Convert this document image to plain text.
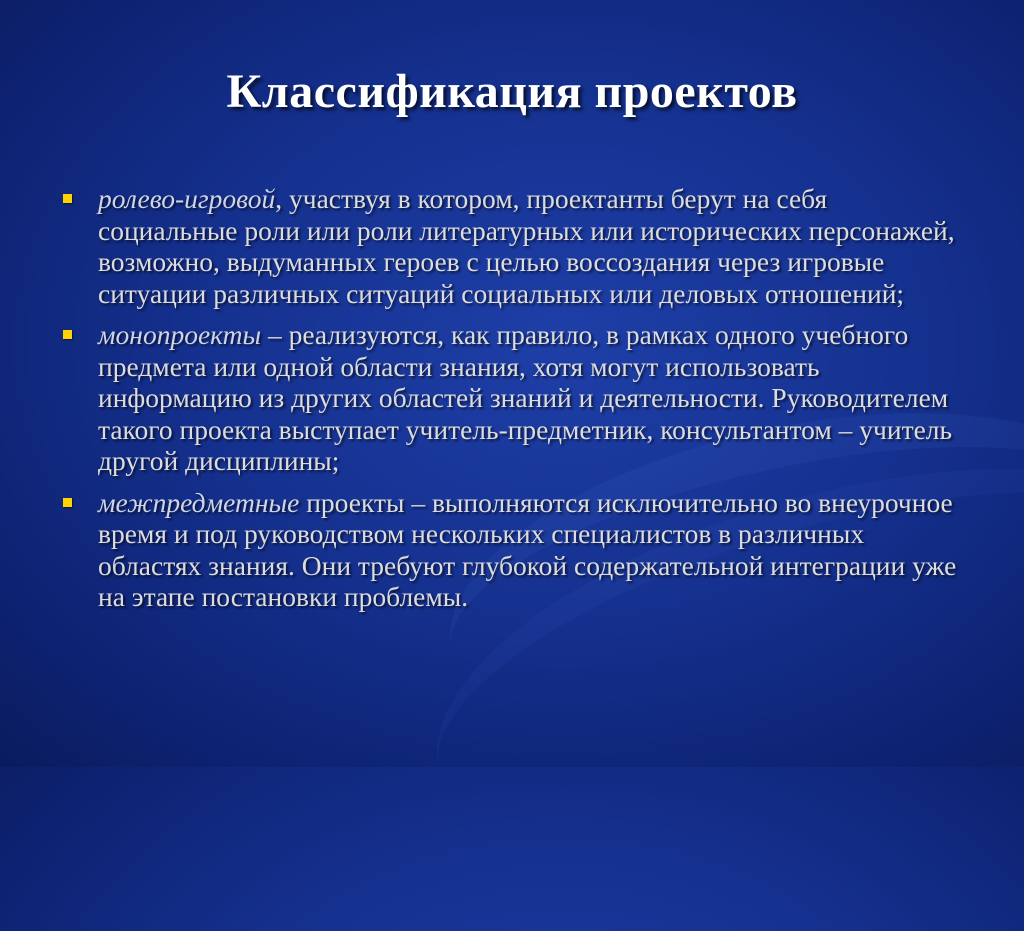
Классификация проектов
ролево-игровой, участвуя в котором, проектанты берут на себя социальные роли или роли литературных или исторических персонажей, возможно, выдуманных героев с целью воссоздания через игровые ситуации различных ситуаций социальных или деловых отношений;
монопроекты – реализуются, как правило, в рамках одного учебного предмета или одной области знания, хотя могут использовать информацию из других областей знаний и деятельности. Руководителем такого проекта выступает учитель-предметник, консультантом – учитель другой дисциплины;
межпредметные проекты – выполняются исключительно во внеурочное время и под руководством нескольких специалистов в различных областях знания. Они требуют глубокой содержательной интеграции уже на этапе постановки проблемы.
